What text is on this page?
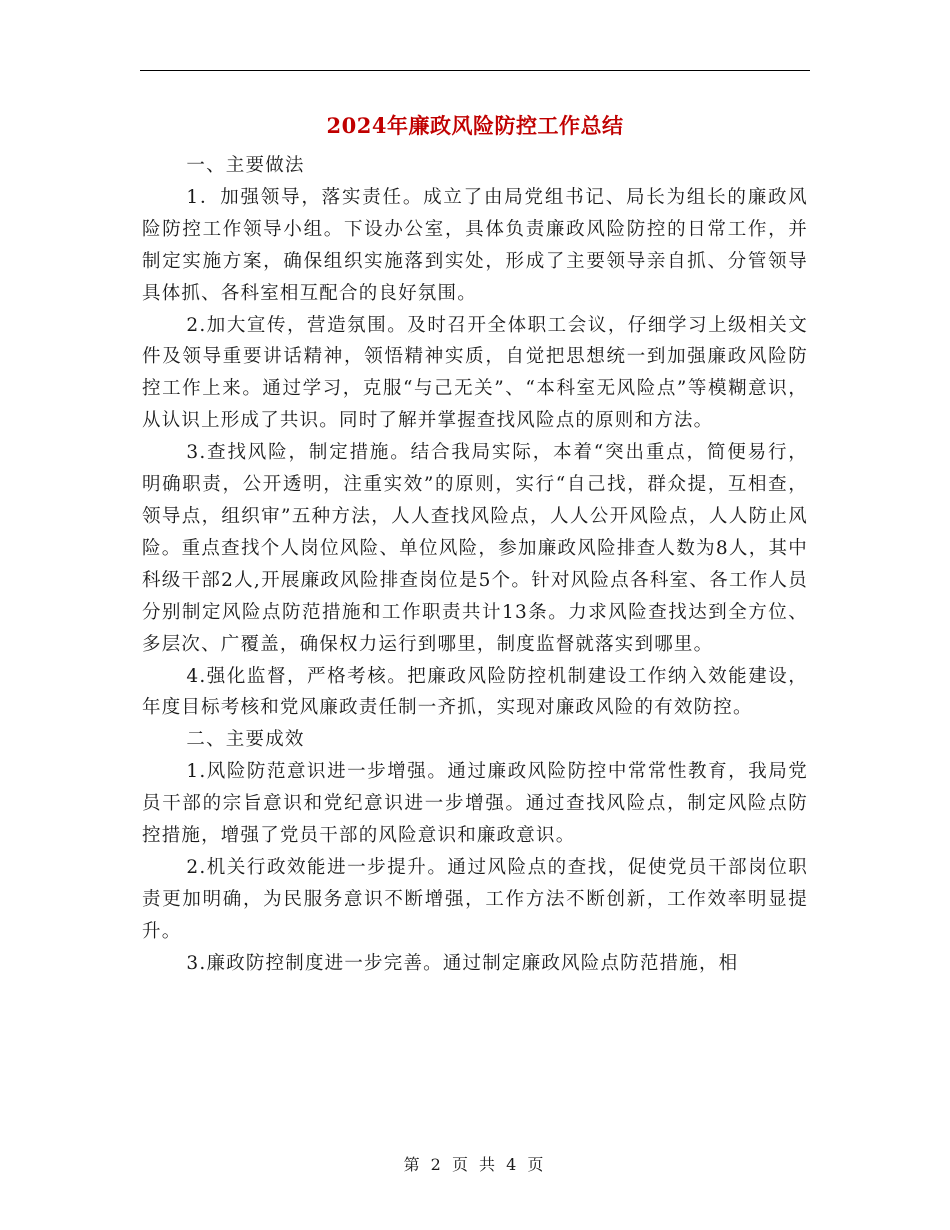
2024年廉政风险防控工作总结

一、主要做法

1．加强领导，落实责任。成立了由局党组书记、局长为组长的廉政风险防控工作领导小组。下设办公室，具体负责廉政风险防控的日常工作，并制定实施方案，确保组织实施落到实处，形成了主要领导亲自抓、分管领导具体抓、各科室相互配合的良好氛围。

2.加大宣传，营造氛围。及时召开全体职工会议，仔细学习上级相关文件及领导重要讲话精神，领悟精神实质，自觉把思想统一到加强廉政风险防控工作上来。通过学习，克服“与己无关”、“本科室无风险点”等模糊意识，从认识上形成了共识。同时了解并掌握查找风险点的原则和方法。

3.查找风险，制定措施。结合我局实际，本着“突出重点，简便易行，明确职责，公开透明，注重实效”的原则，实行“自己找，群众提，互相查，领导点，组织审”五种方法，人人查找风险点，人人公开风险点，人人防止风险。重点查找个人岗位风险、单位风险，参加廉政风险排查人数为8人，其中科级干部2人,开展廉政风险排查岗位是5个。针对风险点各科室、各工作人员分别制定风险点防范措施和工作职责共计13条。力求风险查找达到全方位、多层次、广覆盖，确保权力运行到哪里，制度监督就落实到哪里。

4.强化监督，严格考核。把廉政风险防控机制建设工作纳入效能建设，年度目标考核和党风廉政责任制一齐抓，实现对廉政风险的有效防控。

二、主要成效

1.风险防范意识进一步增强。通过廉政风险防控中常常性教育，我局党员干部的宗旨意识和党纪意识进一步增强。通过查找风险点，制定风险点防控措施，增强了党员干部的风险意识和廉政意识。

2.机关行政效能进一步提升。通过风险点的查找，促使党员干部岗位职责更加明确，为民服务意识不断增强，工作方法不断创新，工作效率明显提升。

3.廉政防控制度进一步完善。通过制定廉政风险点防范措施，相

第 2 页 共 4 页
